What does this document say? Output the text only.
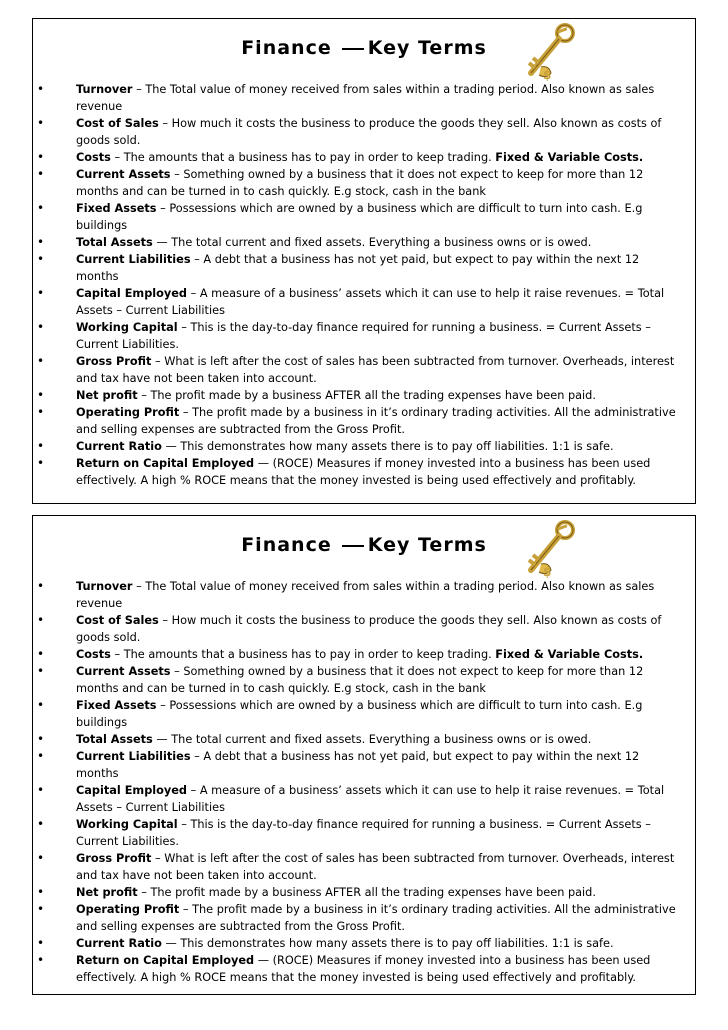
Finance Key Terms
$
• Turnover – The Total value of money received from sales within a trading period. Also known as sales revenue
• Cost of Sales – How much it costs the business to produce the goods they sell. Also known as costs of goods sold.
• Costs – The amounts that a business has to pay in order to keep trading. Fixed & Variable Costs.
• Current Assets – Something owned by a business that it does not expect to keep for more than 12 months and can be turned in to cash quickly. E.g stock, cash in the bank
• Fixed Assets – Possessions which are owned by a business which are difficult to turn into cash. E.g buildings
• Total Assets — The total current and fixed assets. Everything a business owns or is owed.
• Current Liabilities – A debt that a business has not yet paid, but expect to pay within the next 12 months
• Capital Employed – A measure of a business’ assets which it can use to help it raise revenues. = Total Assets – Current Liabilities
• Working Capital – This is the day-to-day finance required for running a business. = Current Assets – Current Liabilities.
• Gross Profit – What is left after the cost of sales has been subtracted from turnover. Overheads, interest and tax have not been taken into account.
• Net profit – The profit made by a business AFTER all the trading expenses have been paid.
• Operating Profit – The profit made by a business in it’s ordinary trading activities. All the administrative and selling expenses are subtracted from the Gross Profit.
• Current Ratio — This demonstrates how many assets there is to pay off liabilities. 1:1 is safe.
• Return on Capital Employed — (ROCE) Measures if money invested into a business has been used effectively. A high % ROCE means that the money invested is being used effectively and profitably.
Finance Key Terms
$
• Turnover – The Total value of money received from sales within a trading period. Also known as sales revenue
• Cost of Sales – How much it costs the business to produce the goods they sell. Also known as costs of goods sold.
• Costs – The amounts that a business has to pay in order to keep trading. Fixed & Variable Costs.
• Current Assets – Something owned by a business that it does not expect to keep for more than 12 months and can be turned in to cash quickly. E.g stock, cash in the bank
• Fixed Assets – Possessions which are owned by a business which are difficult to turn into cash. E.g buildings
• Total Assets — The total current and fixed assets. Everything a business owns or is owed.
• Current Liabilities – A debt that a business has not yet paid, but expect to pay within the next 12 months
• Capital Employed – A measure of a business’ assets which it can use to help it raise revenues. = Total Assets – Current Liabilities
• Working Capital – This is the day-to-day finance required for running a business. = Current Assets – Current Liabilities.
• Gross Profit – What is left after the cost of sales has been subtracted from turnover. Overheads, interest and tax have not been taken into account.
• Net profit – The profit made by a business AFTER all the trading expenses have been paid.
• Operating Profit – The profit made by a business in it’s ordinary trading activities. All the administrative and selling expenses are subtracted from the Gross Profit.
• Current Ratio — This demonstrates how many assets there is to pay off liabilities. 1:1 is safe.
• Return on Capital Employed — (ROCE) Measures if money invested into a business has been used effectively. A high % ROCE means that the money invested is being used effectively and profitably.
